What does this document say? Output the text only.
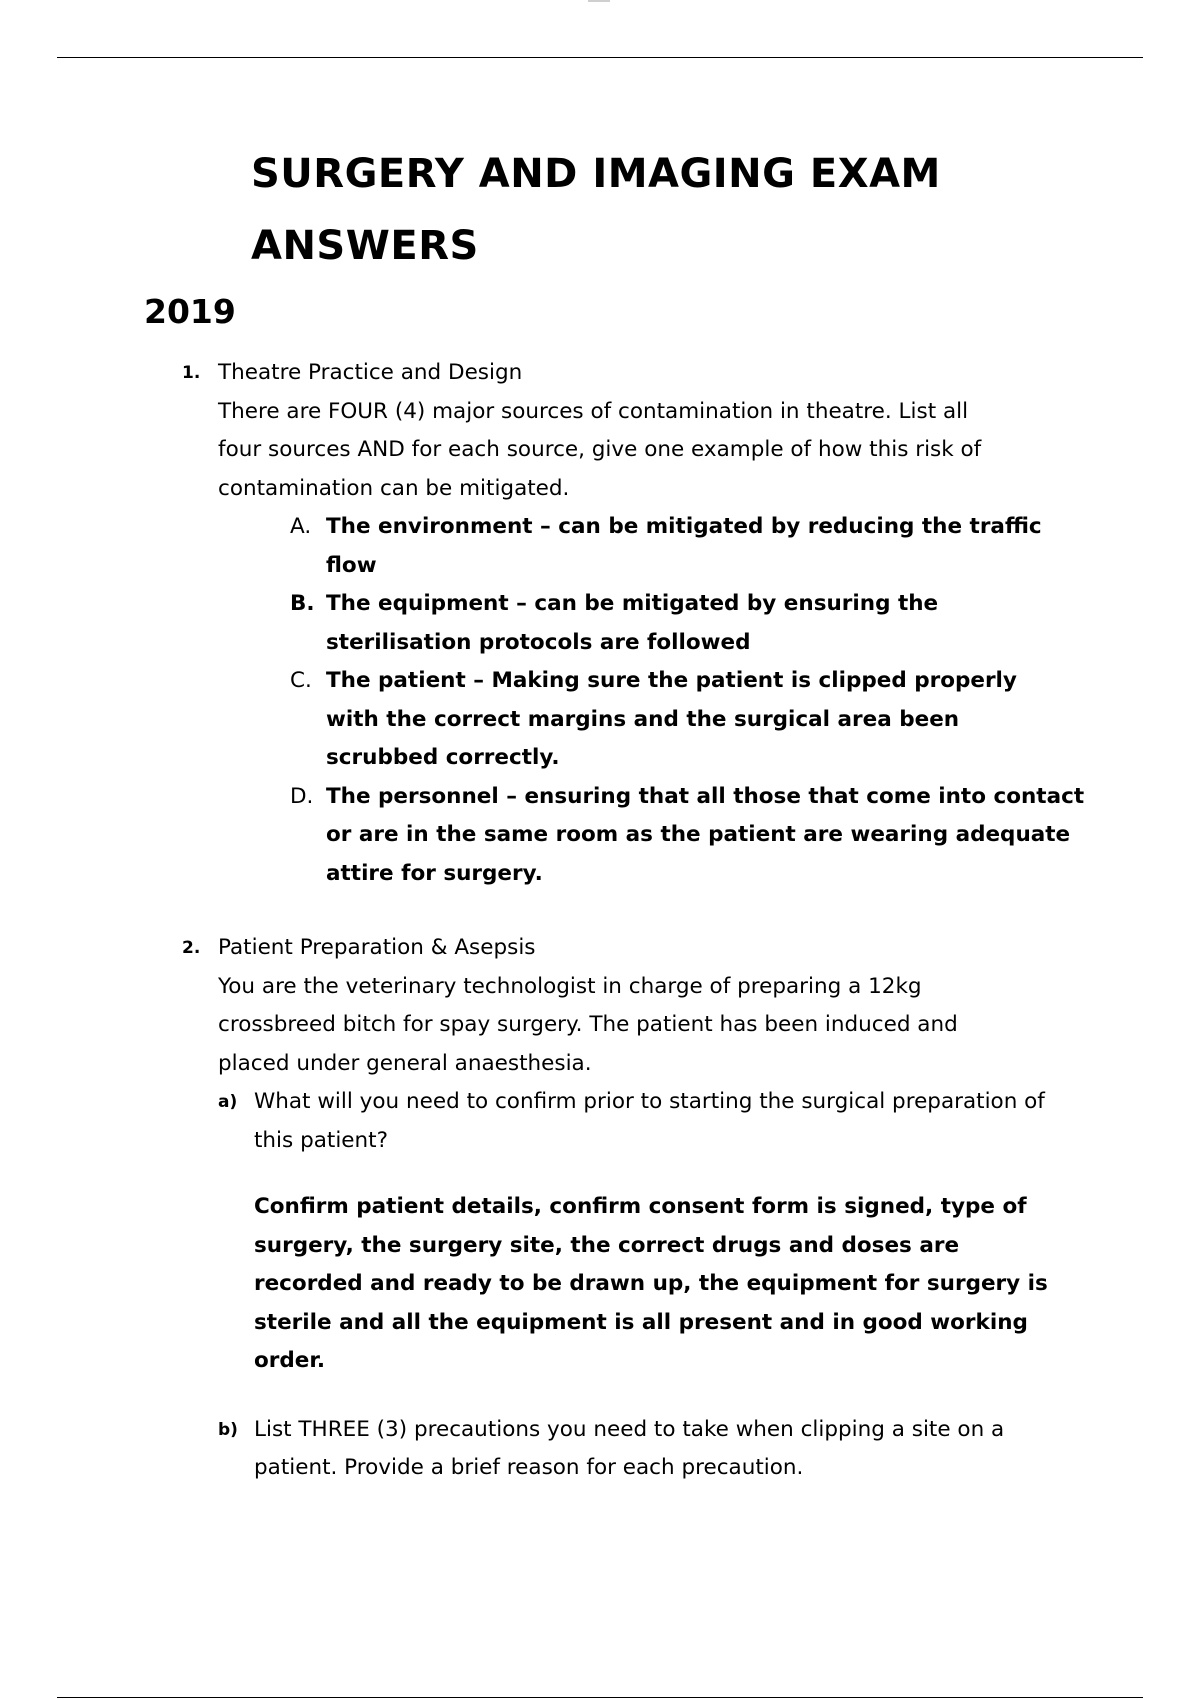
SURGERY AND IMAGING EXAM ANSWERS
2019
1. Theatre Practice and Design
There are FOUR (4) major sources of contamination in theatre. List all four sources AND for each source, give one example of how this risk of contamination can be mitigated.
A. The environment – can be mitigated by reducing the traffic flow
B. The equipment – can be mitigated by ensuring the sterilisation protocols are followed
C. The patient – Making sure the patient is clipped properly with the correct margins and the surgical area been scrubbed correctly.
D. The personnel – ensuring that all those that come into contact or are in the same room as the patient are wearing adequate attire for surgery.
2. Patient Preparation & Asepsis
You are the veterinary technologist in charge of preparing a 12kg crossbreed bitch for spay surgery. The patient has been induced and placed under general anaesthesia.
a) What will you need to confirm prior to starting the surgical preparation of this patient?
Confirm patient details, confirm consent form is signed, type of surgery, the surgery site, the correct drugs and doses are recorded and ready to be drawn up, the equipment for surgery is sterile and all the equipment is all present and in good working order.
b) List THREE (3) precautions you need to take when clipping a site on a patient. Provide a brief reason for each precaution.
